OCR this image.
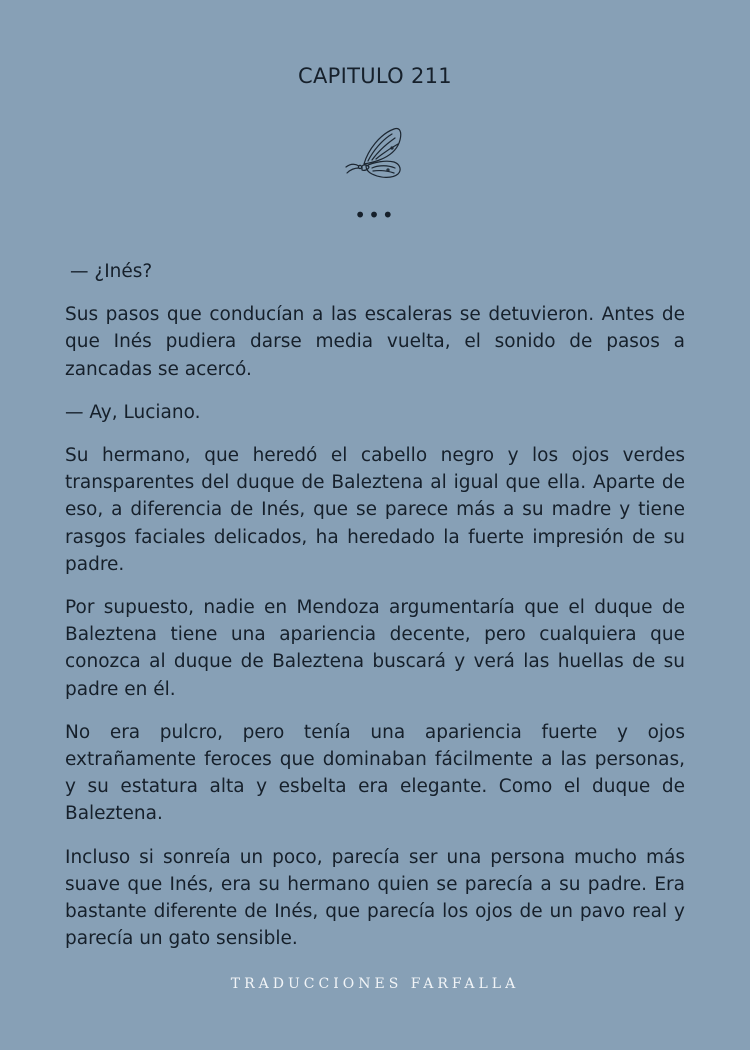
CAPITULO 211
•••

— ¿Inés?

Sus pasos que conducían a las escaleras se detuvieron. Antes de que Inés pudiera darse media vuelta, el sonido de pasos a zancadas se acercó.

— Ay, Luciano.

Su hermano, que heredó el cabello negro y los ojos verdes transparentes del duque de Baleztena al igual que ella. Aparte de eso, a diferencia de Inés, que se parece más a su madre y tiene rasgos faciales delicados, ha heredado la fuerte impresión de su padre.

Por supuesto, nadie en Mendoza argumentaría que el duque de Baleztena tiene una apariencia decente, pero cualquiera que conozca al duque de Baleztena buscará y verá las huellas de su padre en él.

No era pulcro, pero tenía una apariencia fuerte y ojos extrañamente feroces que dominaban fácilmente a las personas, y su estatura alta y esbelta era elegante. Como el duque de Baleztena.

Incluso si sonreía un poco, parecía ser una persona mucho más suave que Inés, era su hermano quien se parecía a su padre. Era bastante diferente de Inés, que parecía los ojos de un pavo real y parecía un gato sensible.

TRADUCCIONES FARFALLA
